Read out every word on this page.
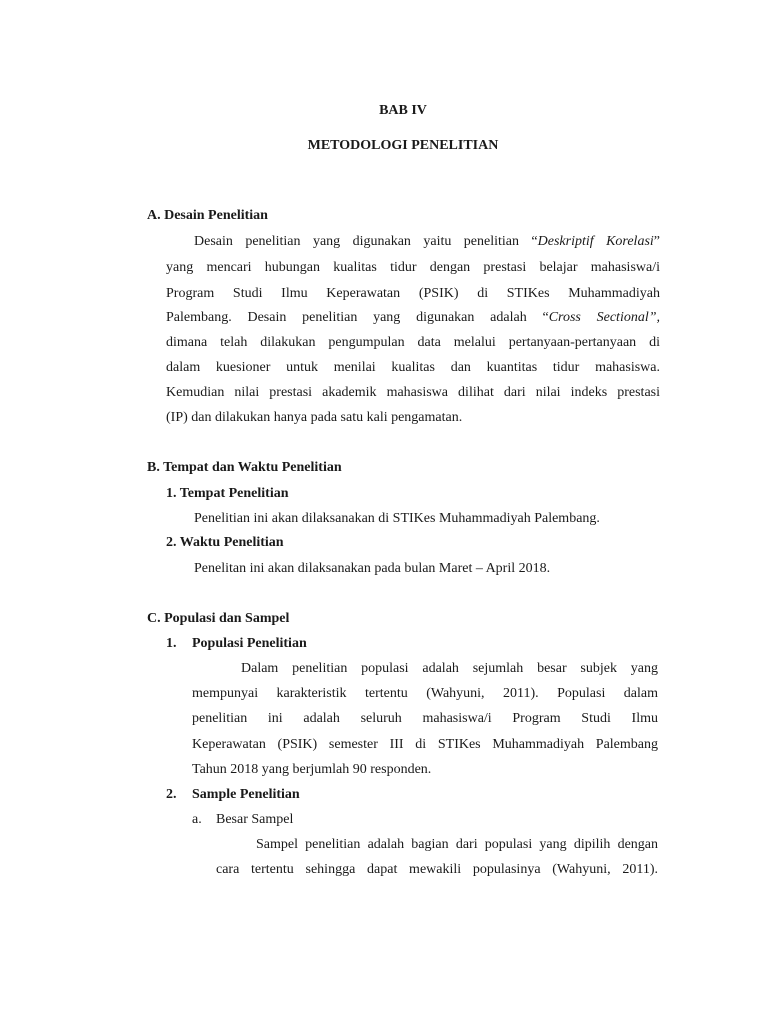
BAB IV
METODOLOGI PENELITIAN
A. Desain Penelitian
Desain penelitian yang digunakan yaitu penelitian “Deskriptif Korelasi”
yang mencari hubungan kualitas tidur dengan prestasi belajar mahasiswa/i
Program Studi Ilmu Keperawatan (PSIK) di STIKes Muhammadiyah
Palembang. Desain penelitian yang digunakan adalah “Cross Sectional”,
dimana telah dilakukan pengumpulan data melalui pertanyaan-pertanyaan di
dalam kuesioner untuk menilai kualitas dan kuantitas tidur mahasiswa.
Kemudian nilai prestasi akademik mahasiswa dilihat dari nilai indeks prestasi
(IP) dan dilakukan hanya pada satu kali pengamatan.
B. Tempat dan Waktu Penelitian
1. Tempat Penelitian
Penelitian ini akan dilaksanakan di STIKes Muhammadiyah Palembang.
2. Waktu Penelitian
Penelitan ini akan dilaksanakan pada bulan Maret – April 2018.
C. Populasi dan Sampel
1. Populasi Penelitian
Dalam penelitian populasi adalah sejumlah besar subjek yang
mempunyai karakteristik tertentu (Wahyuni, 2011). Populasi dalam
penelitian ini adalah seluruh mahasiswa/i Program Studi Ilmu
Keperawatan (PSIK) semester III di STIKes Muhammadiyah Palembang
Tahun 2018 yang berjumlah 90 responden.
2. Sample Penelitian
a. Besar Sampel
Sampel penelitian adalah bagian dari populasi yang dipilih dengan
cara tertentu sehingga dapat mewakili populasinya (Wahyuni, 2011).
